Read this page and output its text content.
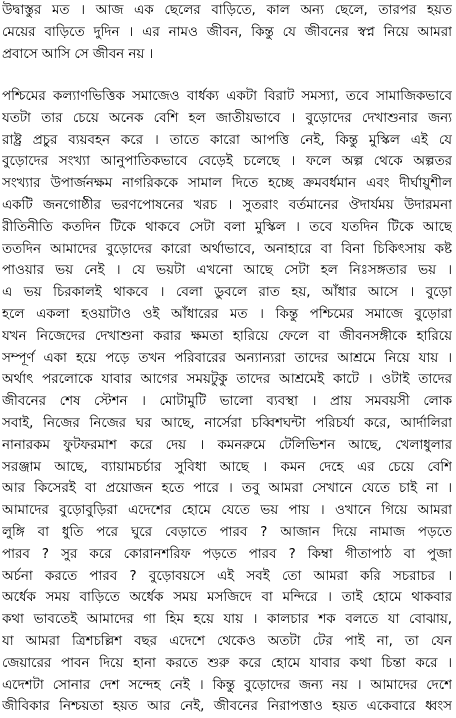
উদ্বাস্তুর মত । আজ এক ছেলের বাড়িতে, কাল অন্য ছেলে, তারপর হয়ত
মেয়ের বাড়িতে দুদিন । এর নামও জীবন, কিন্তু যে জীবনের স্বপ্ন নিয়ে আমরা
প্রবাসে আসি সে জীবন নয় ।
পশ্চিমের কল্যাণভিত্তিক সমাজেও বার্ধক্য একটা বিরাট সমস্যা, তবে সামাজিকভাবে
যতটা তার চেয়ে অনেক বেশি হল জাতীয়ভাবে । বুড়োদের দেখাশুনার জন্য
রাষ্ট্র প্রচুর ব্যয়বহন করে । তাতে কারো আপত্তি নেই, কিন্তু মুস্কিল এই যে
বুড়োদের সংখ্যা আনুপাতিকভাবে বেড়েই চলেছে । ফলে অল্প থেকে অল্পতর
সংখ্যার উপার্জনক্ষম নাগরিককে সামাল দিতে হচ্ছে ক্রমবর্ধমান এবং দীর্ঘায়ুশীল
একটি জনগোষ্ঠীর ভরণপোষনের খরচ । সুতরাং বর্তমানের ঔদার্যময় উদারমনা
রীতিনীতি কতদিন টিকে থাকবে সেটা বলা মুস্কিল । তবে যতদিন টিকে আছে
ততদিন আমাদের বুড়োদের কারো অর্থাভাবে, অনাহারে বা বিনা চিকিৎসায় কষ্ট
পাওয়ার ভয় নেই । যে ভয়টা এখনো আছে সেটা হল নিঃসঙ্গতার ভয় ।
এ ভয় চিরকালই থাকবে । বেলা ডুবলে রাত হয়, আঁধার আসে । বুড়ো
হলে একলা হওয়াটাও ওই আঁধারের মত । কিন্তু পশ্চিমের সমাজে বুড়োরা
যখন নিজেদের দেখাশুনা করার ক্ষমতা হারিয়ে ফেলে বা জীবনসঙ্গীকে হারিয়ে
সম্পূর্ণ একা হয়ে পড়ে তখন পরিবারের অন্যান্যরা তাদের আশ্রমে নিয়ে যায় ।
অর্থাৎ পরলোকে যাবার আগের সময়টুকু তাদের আশ্রমেই কাটে । ওটাই তাদের
জীবনের শেষ স্টেশন । মোটামুটি ভালো ব্যবস্থা । প্রায় সমবয়সী লোক
সবাই, নিজের নিজের ঘর আছে, নার্সেরা চব্বিশঘন্টা পরিচর্যা করে, আর্দালিরা
নানারকম ফুটফরমাশ করে দেয় । কমনরুমে টেলিভিশন আছে, খেলাধুলার
সরঞ্জাম আছে, ব্যায়ামচর্চার সুবিধা আছে । কমন দেহে এর চেয়ে বেশি
আর কিসেরই বা প্রয়োজন হতে পারে । তবু আমরা সেখানে যেতে চাই না ।
আমাদের বুড়োবুড়িরা এদেশের হোমে যেতে ভয় পায় । ওখানে গিয়ে আমরা
লুঙ্গি বা ধুতি পরে ঘুরে বেড়াতে পারব ? আজান দিয়ে নামাজ পড়তে
পারব ? সুর করে কোরানশরিফ পড়তে পারব ? কিম্বা গীতাপাঠ বা পুজা
অর্চনা করতে পারব ? বুড়োবয়সে এই সবই তো আমরা করি সচরাচর ।
অর্ধেক সময় বাড়িতে অর্ধেক সময় মসজিদে বা মন্দিরে । তাই হোমে থাকবার
কথা ভাবতেই আমাদের গা হিম হয়ে যায় । কালচার শক বলতে যা বোঝায়,
যা আমরা ত্রিশচল্লিশ বছর এদেশে থেকেও অতটা টের পাই না, তা যেন
জেয়ারের পাবন দিয়ে হানা করতে শুরু করে হোমে যাবার কথা চিন্তা করে ।
এদেশটা সোনার দেশ সন্দেহ নেই । কিন্তু বুড়োদের জন্য নয় । আমাদের দেশে
জীবিকার নিশ্চয়তা হয়ত আর নেই, জীবনের নিরাপত্তাও হয়ত একেবারে ধ্বংস
